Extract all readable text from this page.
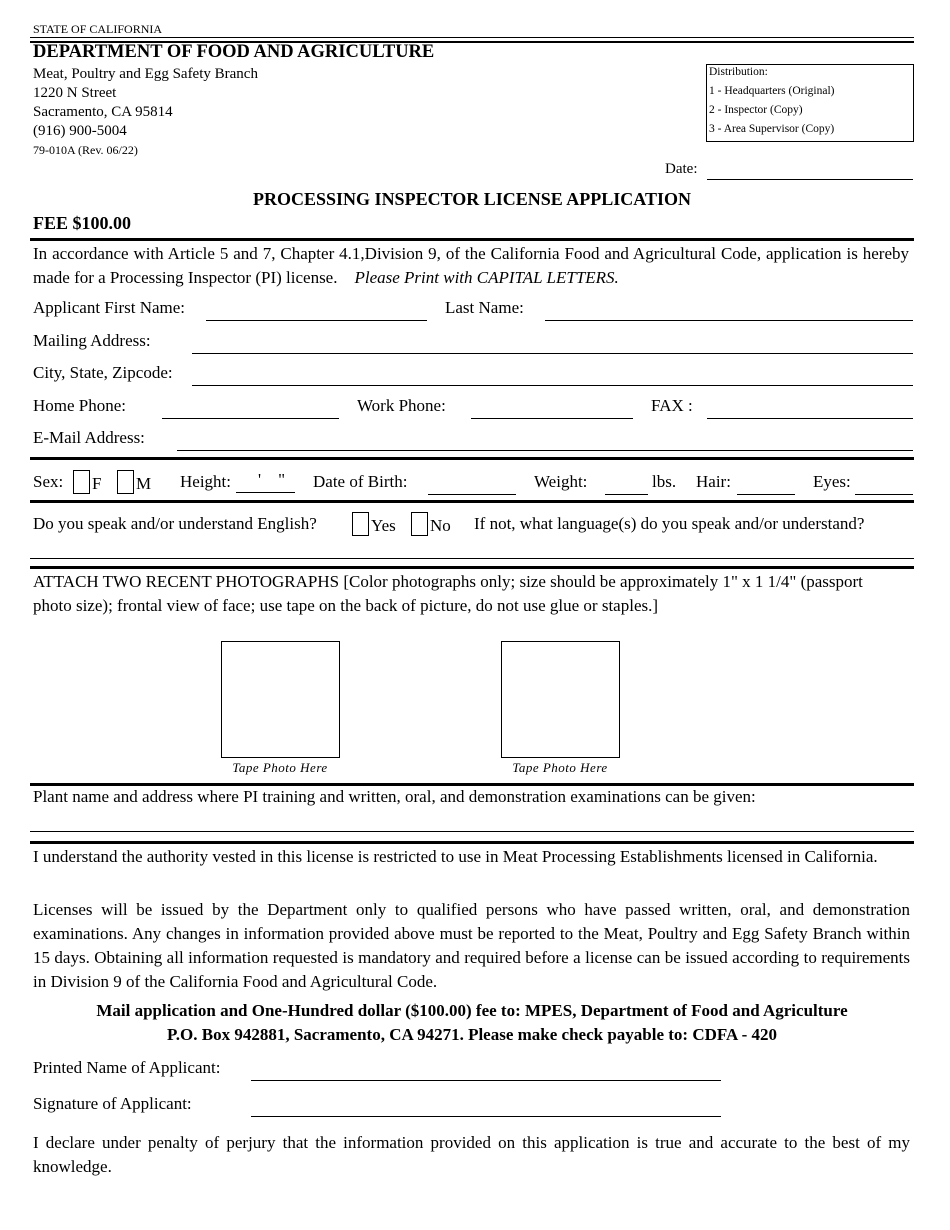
STATE OF CALIFORNIA
DEPARTMENT OF FOOD AND AGRICULTURE
Meat, Poultry and Egg Safety Branch
1220 N Street
Sacramento, CA 95814
(916) 900-5004
79-010A (Rev. 06/22)
Distribution:
1 - Headquarters (Original)
2 - Inspector (Copy)
3 - Area Supervisor (Copy)
Date:
PROCESSING INSPECTOR LICENSE APPLICATION
FEE $100.00

In accordance with Article 5 and 7, Chapter 4.1,Division 9, of the California Food and Agricultural Code, application is hereby made for a Processing Inspector (PI) license. Please Print with CAPITAL LETTERS.

Applicant First Name:	Last Name:
Mailing Address:
City, State, Zipcode:
Home Phone:	Work Phone:	FAX :
E-Mail Address:
Sex:	F	M Height: '    " Date of Birth:	Weight:	lbs. Hair:	Eyes:
Do you speak and/or understand English?	Yes	No If not, what language(s) do you speak and/or understand?

ATTACH TWO RECENT PHOTOGRAPHS [Color photographs only; size should be approximately 1" x 1 1/4" (passport photo size); frontal view of face; use tape on the back of picture, do not use glue or staples.]

Tape Photo Here	Tape Photo Here
Plant name and address where PI training and written, oral, and demonstration examinations can be given:

I understand the authority vested in this license is restricted to use in Meat Processing Establishments licensed in California.

Licenses will be issued by the Department only to qualified persons who have passed written, oral, and demonstration examinations. Any changes in information provided above must be reported to the Meat, Poultry and Egg Safety Branch within 15 days. Obtaining all information requested is mandatory and required before a license can be issued according to requirements in Division 9 of the California Food and Agricultural Code.

Mail application and One-Hundred dollar ($100.00) fee to: MPES, Department of Food and Agriculture
P.O. Box 942881, Sacramento, CA 94271. Please make check payable to: CDFA - 420
Printed Name of Applicant:
Signature of Applicant:

I declare under penalty of perjury that the information provided on this application is true and accurate to the best of my knowledge.
